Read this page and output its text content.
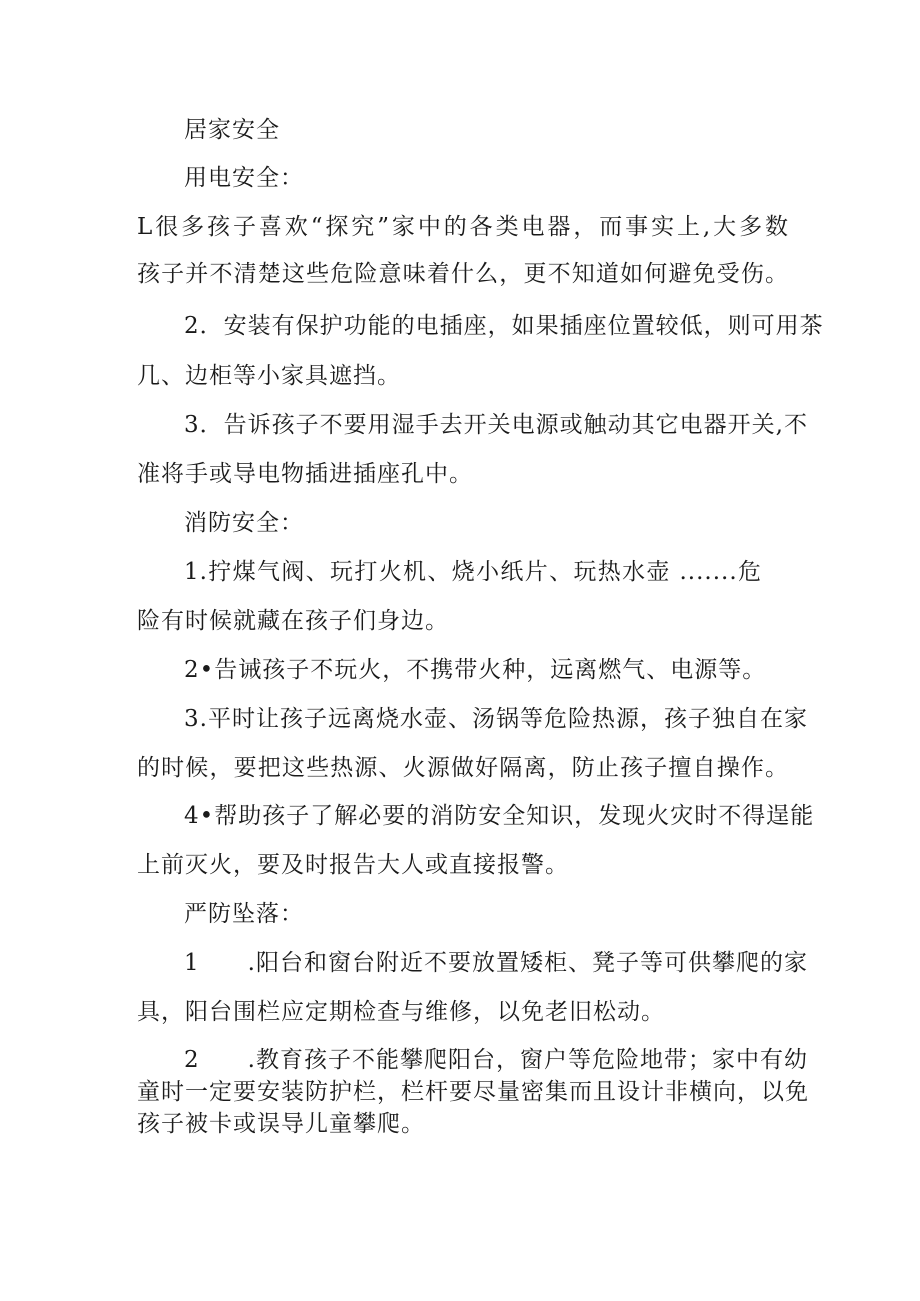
居家安全
用电安全：
L很多孩子喜欢“探究”家中的各类电器，而事实上,大多数
孩子并不清楚这些危险意味着什么，更不知道如何避免受伤。
2．安装有保护功能的电插座，如果插座位置较低，则可用茶
几、边柜等小家具遮挡。
3．告诉孩子不要用湿手去开关电源或触动其它电器开关,不
准将手或导电物插进插座孔中。
消防安全：
1.拧煤气阀、玩打火机、烧小纸片、玩热水壶 .......危
险有时候就藏在孩子们身边。
2•告诫孩子不玩火，不携带火种，远离燃气、电源等。
3.平时让孩子远离烧水壶、汤锅等危险热源，孩子独自在家
的时候，要把这些热源、火源做好隔离，防止孩子擅自操作。
4•帮助孩子了解必要的消防安全知识，发现火灾时不得逞能
上前灭火，要及时报告大人或直接报警。
严防坠落：
1　　.阳台和窗台附近不要放置矮柜、凳子等可供攀爬的家
具，阳台围栏应定期检查与维修，以免老旧松动。
2　　.教育孩子不能攀爬阳台，窗户等危险地带；家中有幼
童时一定要安装防护栏，栏杆要尽量密集而且设计非横向，以免
孩子被卡或误导儿童攀爬。
